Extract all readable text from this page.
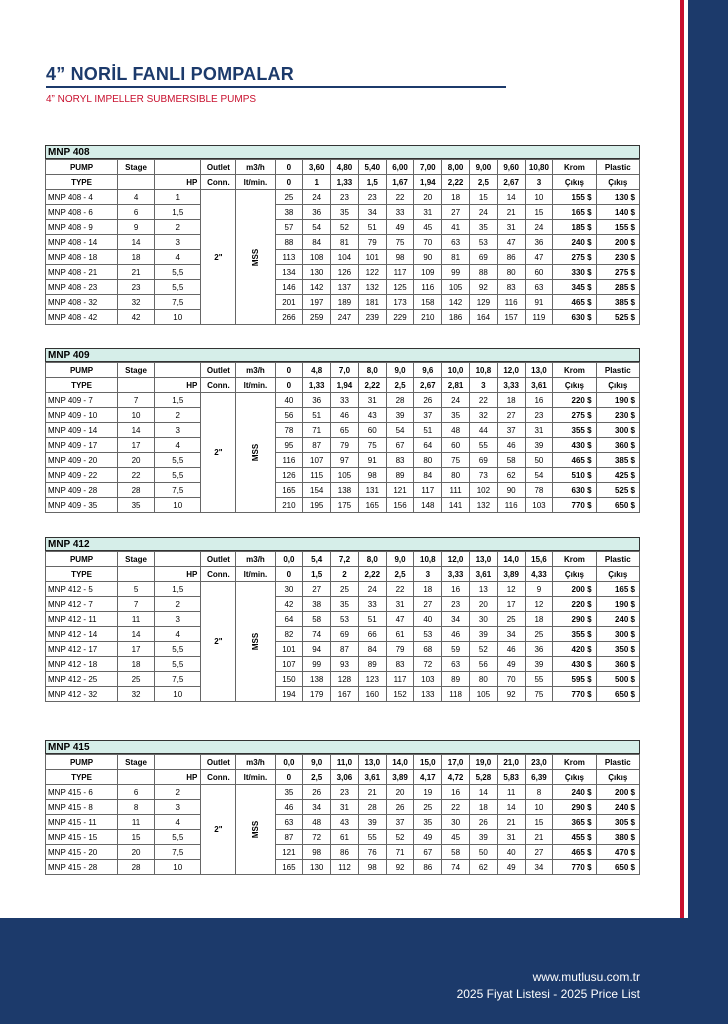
4” NORİL FANLI POMPALAR
4” NORYL IMPELLER SUBMERSIBLE PUMPS
MNP 408
PUMP	Stage		Outlet	m3/h	0	3,60	4,80	5,40	6,00	7,00	8,00	9,00	9,60	10,80	Krom	Plastic
TYPE		HP	Conn.	lt/min.	0	1	1,33	1,5	1,67	1,94	2,22	2,5	2,67	3	Çıkış	Çıkış
MNP 408 - 4	4	1	2"	MSS	25	24	23	23	22	20	18	15	14	10	155 $	130 $
MNP 408 - 6	6	1,5			38	36	35	34	33	31	27	24	21	15	165 $	140 $
MNP 408 - 9	9	2			57	54	52	51	49	45	41	35	31	24	185 $	155 $
MNP 408 - 14	14	3			88	84	81	79	75	70	63	53	47	36	240 $	200 $
MNP 408 - 18	18	4			113	108	104	101	98	90	81	69	86	47	275 $	230 $
MNP 408 - 21	21	5,5			134	130	126	122	117	109	99	88	80	60	330 $	275 $
MNP 408 - 23	23	5,5			146	142	137	132	125	116	105	92	83	63	345 $	285 $
MNP 408 - 32	32	7,5			201	197	189	181	173	158	142	129	116	91	465 $	385 $
MNP 408 - 42	42	10			266	259	247	239	229	210	186	164	157	119	630 $	525 $
MNP 409
PUMP	Stage		Outlet	m3/h	0	4,8	7,0	8,0	9,0	9,6	10,0	10,8	12,0	13,0	Krom	Plastic
TYPE		HP	Conn.	lt/min.	0	1,33	1,94	2,22	2,5	2,67	2,81	3	3,33	3,61	Çıkış	Çıkış
MNP 409 - 7	7	1,5	2"	MSS	40	36	33	31	28	26	24	22	18	16	220 $	190 $
MNP 409 - 10	10	2			56	51	46	43	39	37	35	32	27	23	275 $	230 $
MNP 409 - 14	14	3			78	71	65	60	54	51	48	44	37	31	355 $	300 $
MNP 409 - 17	17	4			95	87	79	75	67	64	60	55	46	39	430 $	360 $
MNP 409 - 20	20	5,5			116	107	97	91	83	80	75	69	58	50	465 $	385 $
MNP 409 - 22	22	5,5			126	115	105	98	89	84	80	73	62	54	510 $	425 $
MNP 409 - 28	28	7,5			165	154	138	131	121	117	111	102	90	78	630 $	525 $
MNP 409 - 35	35	10			210	195	175	165	156	148	141	132	116	103	770 $	650 $
MNP 412
PUMP	Stage		Outlet	m3/h	0,0	5,4	7,2	8,0	9,0	10,8	12,0	13,0	14,0	15,6	Krom	Plastic
TYPE		HP	Conn.	lt/min.	0	1,5	2	2,22	2,5	3	3,33	3,61	3,89	4,33	Çıkış	Çıkış
MNP 412 - 5	5	1,5	2"	MSS	30	27	25	24	22	18	16	13	12	9	200 $	165 $
MNP 412 - 7	7	2			42	38	35	33	31	27	23	20	17	12	220 $	190 $
MNP 412 - 11	11	3			64	58	53	51	47	40	34	30	25	18	290 $	240 $
MNP 412 - 14	14	4			82	74	69	66	61	53	46	39	34	25	355 $	300 $
MNP 412 - 17	17	5,5			101	94	87	84	79	68	59	52	46	36	420 $	350 $
MNP 412 - 18	18	5,5			107	99	93	89	83	72	63	56	49	39	430 $	360 $
MNP 412 - 25	25	7,5			150	138	128	123	117	103	89	80	70	55	595 $	500 $
MNP 412 - 32	32	10			194	179	167	160	152	133	118	105	92	75	770 $	650 $
MNP 415
PUMP	Stage		Outlet	m3/h	0,0	9,0	11,0	13,0	14,0	15,0	17,0	19,0	21,0	23,0	Krom	Plastic
TYPE		HP	Conn.	lt/min.	0	2,5	3,06	3,61	3,89	4,17	4,72	5,28	5,83	6,39	Çıkış	Çıkış
MNP 415 - 6	6	2	2"	MSS	35	26	23	21	20	19	16	14	11	8	240 $	200 $
MNP 415 - 8	8	3			46	34	31	28	26	25	22	18	14	10	290 $	240 $
MNP 415 - 11	11	4			63	48	43	39	37	35	30	26	21	15	365 $	305 $
MNP 415 - 15	15	5,5			87	72	61	55	52	49	45	39	31	21	455 $	380 $
MNP 415 - 20	20	7,5			121	98	86	76	71	67	58	50	40	27	465 $	470 $
MNP 415 - 28	28	10			165	130	112	98	92	86	74	62	49	34	770 $	650 $
www.mutlusu.com.tr
2025 Fiyat Listesi - 2025 Price List
